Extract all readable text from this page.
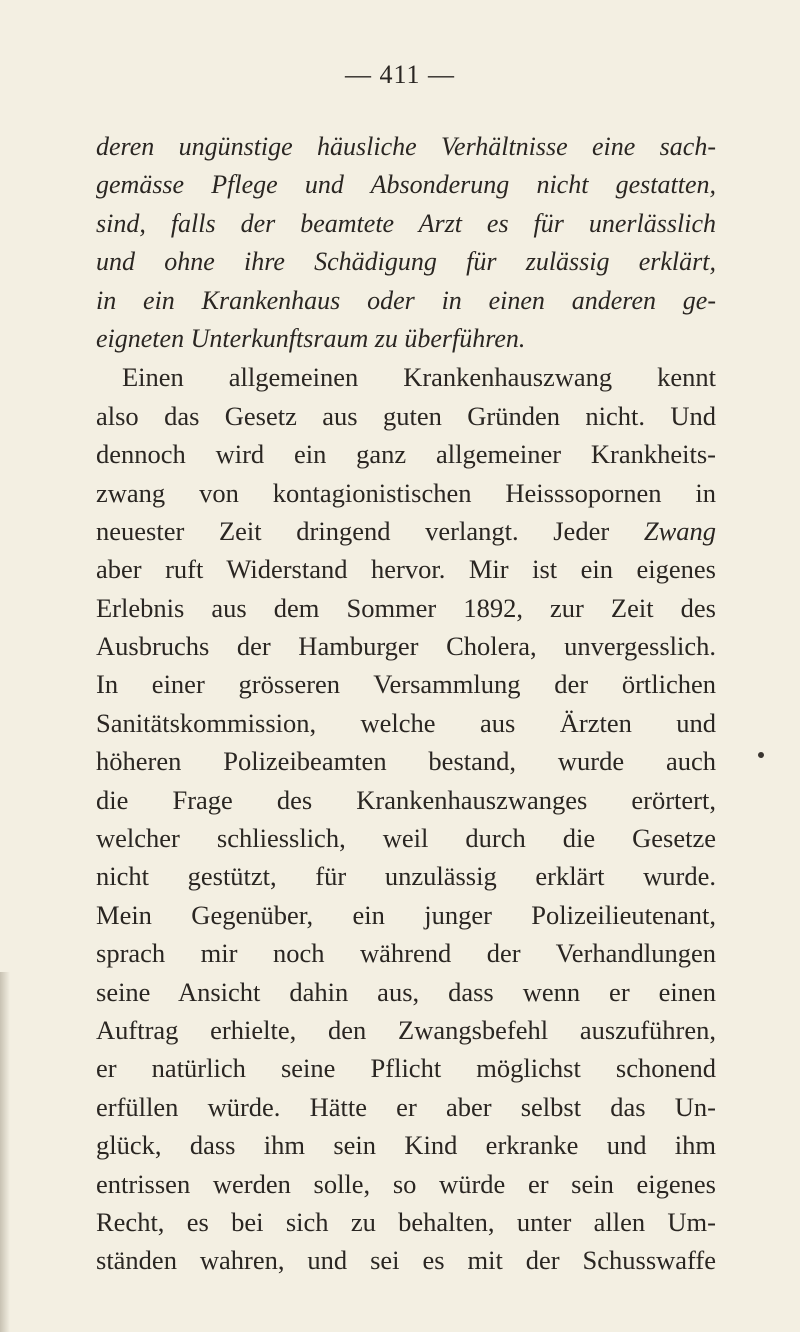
— 411 —
deren ungünstige häusliche Verhältnisse eine sach-
gemässe Pflege und Absonderung nicht gestatten,
sind, falls der beamtete Arzt es für unerlässlich
und ohne ihre Schädigung für zulässig erklärt,
in ein Krankenhaus oder in einen anderen ge-
eigneten Unterkunftsraum zu überführen.
Einen allgemeinen Krankenhauszwang kennt
also das Gesetz aus guten Gründen nicht. Und
dennoch wird ein ganz allgemeiner Krankheits-
zwang von kontagionistischen Heisssopornen in
neuester Zeit dringend verlangt. Jeder Zwang
aber ruft Widerstand hervor. Mir ist ein eigenes
Erlebnis aus dem Sommer 1892, zur Zeit des
Ausbruchs der Hamburger Cholera, unvergesslich.
In einer grösseren Versammlung der örtlichen
Sanitätskommission, welche aus Ärzten und
höheren Polizeibeamten bestand, wurde auch
die Frage des Krankenhauszwanges erörtert,
welcher schliesslich, weil durch die Gesetze
nicht gestützt, für unzulässig erklärt wurde.
Mein Gegenüber, ein junger Polizeilieutenant,
sprach mir noch während der Verhandlungen
seine Ansicht dahin aus, dass wenn er einen
Auftrag erhielte, den Zwangsbefehl auszuführen,
er natürlich seine Pflicht möglichst schonend
erfüllen würde. Hätte er aber selbst das Un-
glück, dass ihm sein Kind erkranke und ihm
entrissen werden solle, so würde er sein eigenes
Recht, es bei sich zu behalten, unter allen Um-
ständen wahren, und sei es mit der Schusswaffe
